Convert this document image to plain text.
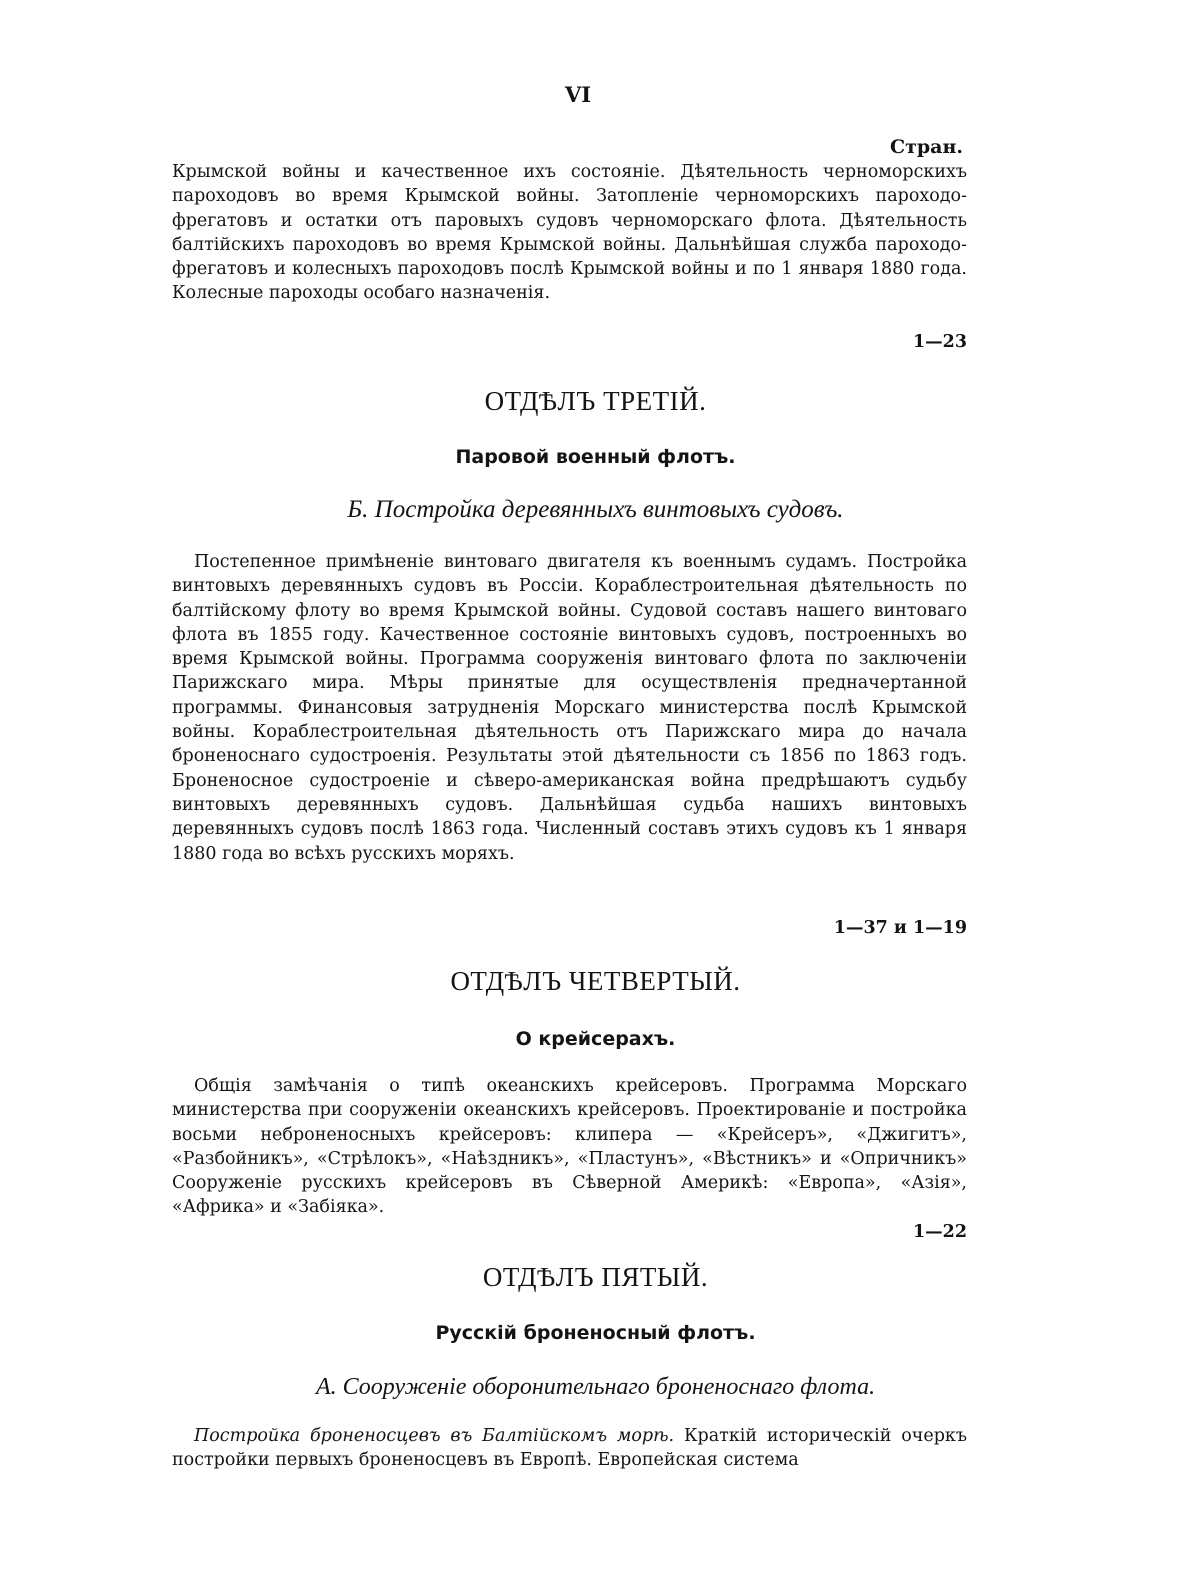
VI
Стран.

Крымской войны и качественное ихъ состояніе. Дѣятельность черноморскихъ пароходовъ во время Крымской войны. Затопленіе черноморскихъ пароходо-фрегатовъ и остатки отъ паровыхъ судовъ черноморскаго флота. Дѣятельность балтійскихъ пароходовъ во время Крымской войны. Дальнѣйшая служба пароходо-фрегатовъ и колесныхъ пароходовъ послѣ Крымской войны и по 1 января 1880 года. Колесные пароходы особаго назначенія.

1—23
ОТДѢЛЪ ТРЕТІЙ.
Паровой военный флотъ.
Б. Постройка деревянныхъ винтовыхъ судовъ.

Постепенное примѣненіе винтоваго двигателя къ военнымъ судамъ. Постройка винтовыхъ деревянныхъ судовъ въ Россіи. Кораблестроительная дѣятельность по балтійскому флоту во время Крымской войны. Судовой составъ нашего винтоваго флота въ 1855 году. Качественное состояніе винтовыхъ судовъ, построенныхъ во время Крымской войны. Программа сооруженія винтоваго флота по заключеніи Парижскаго мира. Мѣры принятые для осуществленія предначертанной программы. Финансовыя затрудненія Морскаго министерства послѣ Крымской войны. Кораблестроительная дѣятельность отъ Парижскаго мира до начала броненоснаго судостроенія. Результаты этой дѣятельности съ 1856 по 1863 годъ. Броненосное судостроеніе и сѣверо-американская война предрѣшаютъ судьбу винтовыхъ деревянныхъ судовъ. Дальнѣйшая судьба нашихъ винтовыхъ деревянныхъ судовъ послѣ 1863 года. Численный составъ этихъ судовъ къ 1 января 1880 года во всѣхъ русскихъ моряхъ.

1—37 и 1—19
ОТДѢЛЪ ЧЕТВЕРТЫЙ.
О крейсерахъ.

Общія замѣчанія о типѣ океанскихъ крейсеровъ. Программа Морскаго министерства при сооруженіи океанскихъ крейсеровъ. Проектированіе и постройка восьми неброненосныхъ крейсеровъ: клипера — «Крейсеръ», «Джигитъ», «Разбойникъ», «Стрѣлокъ», «Наѣздникъ», «Пластунъ», «Вѣстникъ» и «Опричникъ» Сооруженіе русскихъ крейсеровъ въ Сѣверной Америкѣ: «Европа», «Азія», «Африка» и «Забіяка».

1—22
ОТДѢЛЪ ПЯТЫЙ.
Русскій броненосный флотъ.
А. Сооруженіе оборонительнаго броненоснаго флота.

Постройка броненосцевъ въ Балтійскомъ морѣ. Краткій историческій очеркъ постройки первыхъ броненосцевъ въ Европѣ. Европейская система
